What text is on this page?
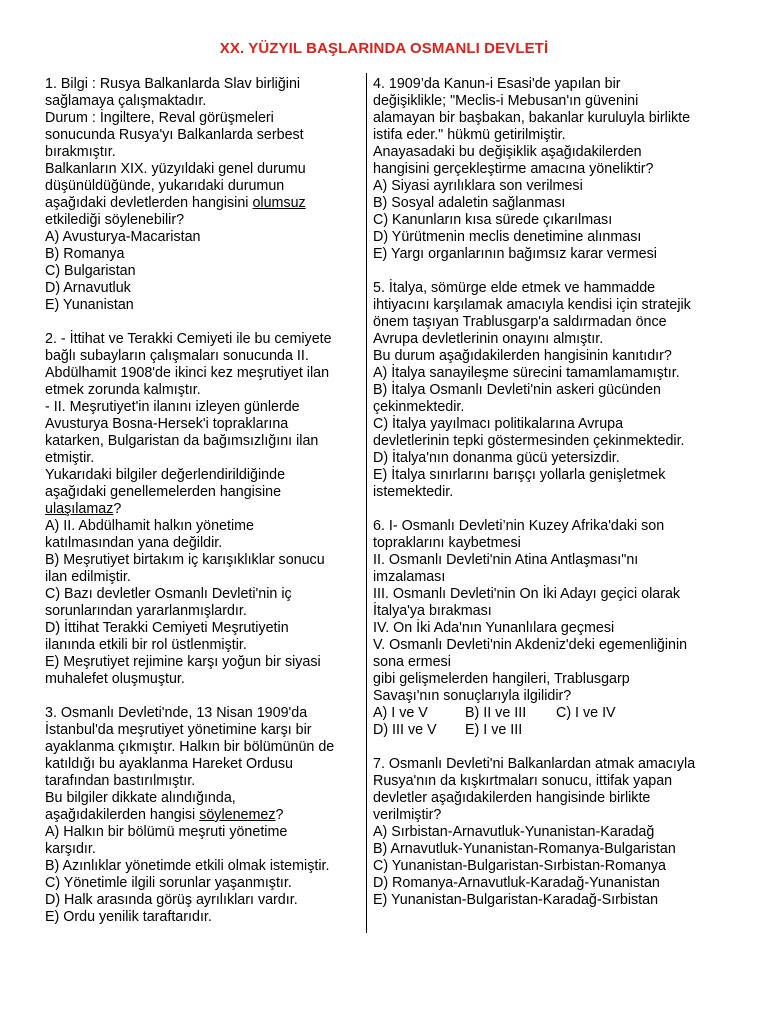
XX. YÜZYIL BAŞLARINDA OSMANLI DEVLETİ
1. Bilgi : Rusya Balkanlarda Slav birliğini
sağlamaya çalışmaktadır.
Durum : İngiltere, Reval görüşmeleri
sonucunda Rusya'yı Balkanlarda serbest
bırakmıştır.
Balkanların XIX. yüzyıldaki genel durumu
düşünüldüğünde, yukarıdaki durumun
aşağıdaki devletlerden hangisini olumsuz
etkilediği söylenebilir?
A) Avusturya-Macaristan
B) Romanya
C) Bulgaristan
D) Arnavutluk
E) Yunanistan
2. - İttihat ve Terakki Cemiyeti ile bu cemiyete
bağlı subayların çalışmaları sonucunda II.
Abdülhamit 1908'de ikinci kez meşrutiyet ilan
etmek zorunda kalmıştır.
- II. Meşrutiyet'in ilanını izleyen günlerde
Avusturya Bosna-Hersek'i topraklarına
katarken, Bulgaristan da bağımsızlığını ilan
etmiştir.
Yukarıdaki bilgiler değerlendirildiğinde
aşağıdaki genellemelerden hangisine
ulaşılamaz?
A) II. Abdülhamit halkın yönetime
katılmasından yana değildir.
B) Meşrutiyet birtakım iç karışıklıklar sonucu
ilan edilmiştir.
C) Bazı devletler Osmanlı Devleti'nin iç
sorunlarından yararlanmışlardır.
D) İttihat Terakki Cemiyeti Meşrutiyetin
ilanında etkili bir rol üstlenmiştir.
E) Meşrutiyet rejimine karşı yoğun bir siyasi
muhalefet oluşmuştur.
3. Osmanlı Devleti'nde, 13 Nisan 1909'da
İstanbul'da meşrutiyet yönetimine karşı bir
ayaklanma çıkmıştır. Halkın bir bölümünün de
katıldığı bu ayaklanma Hareket Ordusu
tarafından bastırılmıştır.
Bu bilgiler dikkate alındığında,
aşağıdakilerden hangisi söylenemez?
A) Halkın bir bölümü meşruti yönetime
karşıdır.
B) Azınlıklar yönetimde etkili olmak istemiştir.
C) Yönetimle ilgili sorunlar yaşanmıştır.
D) Halk arasında görüş ayrılıkları vardır.
E) Ordu yenilik taraftarıdır.
4. 1909’da Kanun-i Esasi'de yapılan bir
değişiklikle; "Meclis-i Mebusan'ın güvenini
alamayan bir başbakan, bakanlar kuruluyla birlikte
istifa eder." hükmü getirilmiştir.
Anayasadaki bu değişiklik aşağıdakilerden
hangisini gerçekleştirme amacına yöneliktir?
A) Siyasi ayrılıklara son verilmesi
B) Sosyal adaletin sağlanması
C) Kanunların kısa sürede çıkarılması
D) Yürütmenin meclis denetimine alınması
E) Yargı organlarının bağımsız karar vermesi
5. İtalya, sömürge elde etmek ve hammadde
ihtiyacını karşılamak amacıyla kendisi için stratejik
önem taşıyan Trablusgarp'a saldırmadan önce
Avrupa devletlerinin onayını almıştır.
Bu durum aşağıdakilerden hangisinin kanıtıdır?
A) İtalya sanayileşme sürecini tamamlamamıştır.
B) İtalya Osmanlı Devleti'nin askeri gücünden
çekinmektedir.
C) İtalya yayılmacı politikalarına Avrupa
devletlerinin tepki göstermesinden çekinmektedir.
D) İtalya'nın donanma gücü yetersizdir.
E) İtalya sınırlarını barışçı yollarla genişletmek
istemektedir.
6. I- Osmanlı Devleti’nin Kuzey Afrika'daki son
topraklarını kaybetmesi
II. Osmanlı Devleti'nin Atina Antlaşması"nı
imzalaması
III. Osmanlı Devleti'nin On İki Adayı geçici olarak
İtalya'ya bırakması
IV. On İki Ada'nın Yunanlılara geçmesi
V. Osmanlı Devleti'nin Akdeniz'deki egemenliğinin
sona ermesi
gibi gelişmelerden hangileri, Trablusgarp
Savaşı'nın sonuçlarıyla ilgilidir?
A) I ve V	B) II ve III C) I ve IV
D) III ve V E) I ve III
7. Osmanlı Devleti'ni Balkanlardan atmak amacıyla
Rusya'nın da kışkırtmaları sonucu, ittifak yapan
devletler aşağıdakilerden hangisinde birlikte
verilmiştir?
A) Sırbistan-Arnavutluk-Yunanistan-Karadağ
B) Arnavutluk-Yunanistan-Romanya-Bulgaristan
C) Yunanistan-Bulgaristan-Sırbistan-Romanya
D) Romanya-Arnavutluk-Karadağ-Yunanistan
E) Yunanistan-Bulgaristan-Karadağ-Sırbistan
